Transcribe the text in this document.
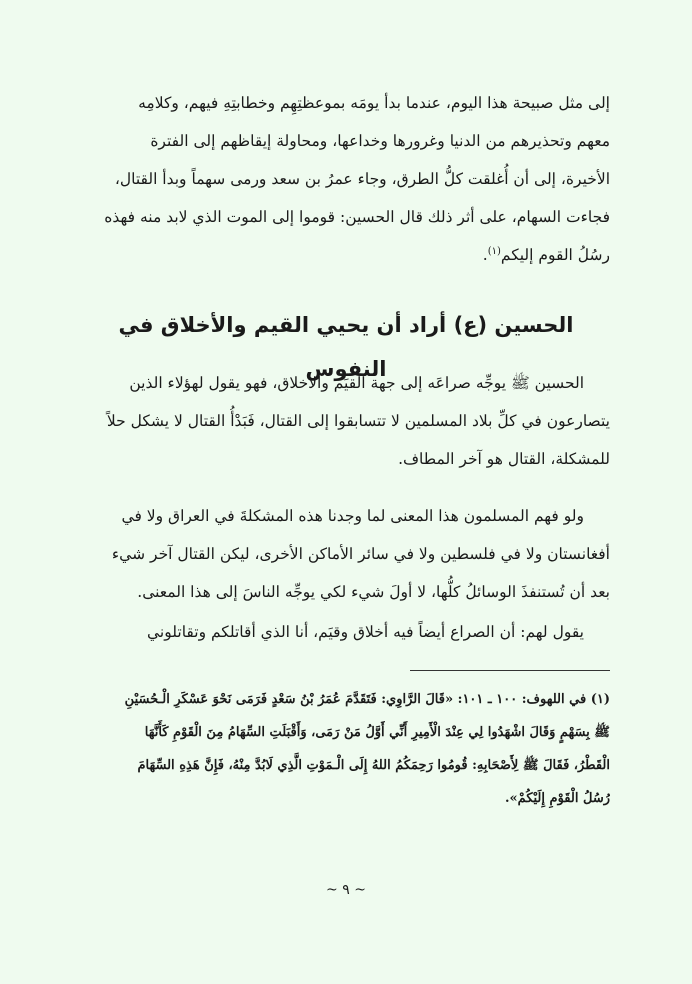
إلى مثل صبيحة هذا اليوم، عندما بدأ يومَه بموعظتِهِم وخطابتِهِ فيهم، وكلامِه
معهم وتحذيرهم من الدنيا وغرورها وخداعها، ومحاولة إيقاظهم إلى الفترة
الأخيرة، إلى أن أُغلقت كلُّ الطرق، وجاء عمرُ بن سعد ورمى سهماً وبدأ القتال،
فجاءت السهام، على أثر ذلك قال الحسين: قوموا إلى الموت الذي لابد منه فهذه
رسُلُ القوم إليكم$^{(١)}$.
الحسين (ع) أراد أن يحيي القيم والأخلاق في النفوس
الحسين ﷺ يوجِّه صراعَه إلى جهة القيَم والأخلاق، فهو يقول لهؤلاء الذين
يتصارعون في كلِّ بلاد المسلمين لا تتسابقوا إلى القتال، فَبَدْأُ القتال لا يشكل حلاً
للمشكلة، القتال هو آخر المطاف.
ولو فهم المسلمون هذا المعنى لما وجدنا هذه المشكلةَ في العراق ولا في
أفغانستان ولا في فلسطين ولا في سائر الأماكن الأخرى، ليكن القتال آخر شيء
بعد أن تُستنفذَ الوسائلُ كلُّها، لا أولَ شيء لكي يوجِّه الناسَ إلى هذا المعنى.
يقول لهم: أن الصراع أيضاً فيه أخلاق وقيَم، أنا الذي أقاتلكم وتقاتلوني
(١) في اللهوف: ١٠٠ ـ ١٠١: «قَالَ الرَّاوِي: فَتَقَدَّمَ عُمَرُ بْنُ سَعْدٍ فَرَمَى نَحْوَ عَسْكَرِ الْـحُسَيْنِ
ﷺ بِسَهْمٍ وَقَالَ اشْهَدُوا لِي عِنْدَ الْأَمِيرِ أَنِّي أَوَّلُ مَنْ رَمَى، وَأَقْبَلَتِ السِّهَامُ مِنَ الْقَوْمِ كَأَنَّهَا
الْقَطْرُ، فَقَالَ ﷺ لِأَصْحَابِهِ: قُومُوا رَحِمَكُمُ اللهُ إِلَى الْـمَوْتِ الَّذِي لَابُدَّ مِنْهُ، فَإِنَّ هَذِهِ السِّهَامَ
رُسُلُ الْقَوْمِ إِلَيْكُمْ».
~ ٩ ~
